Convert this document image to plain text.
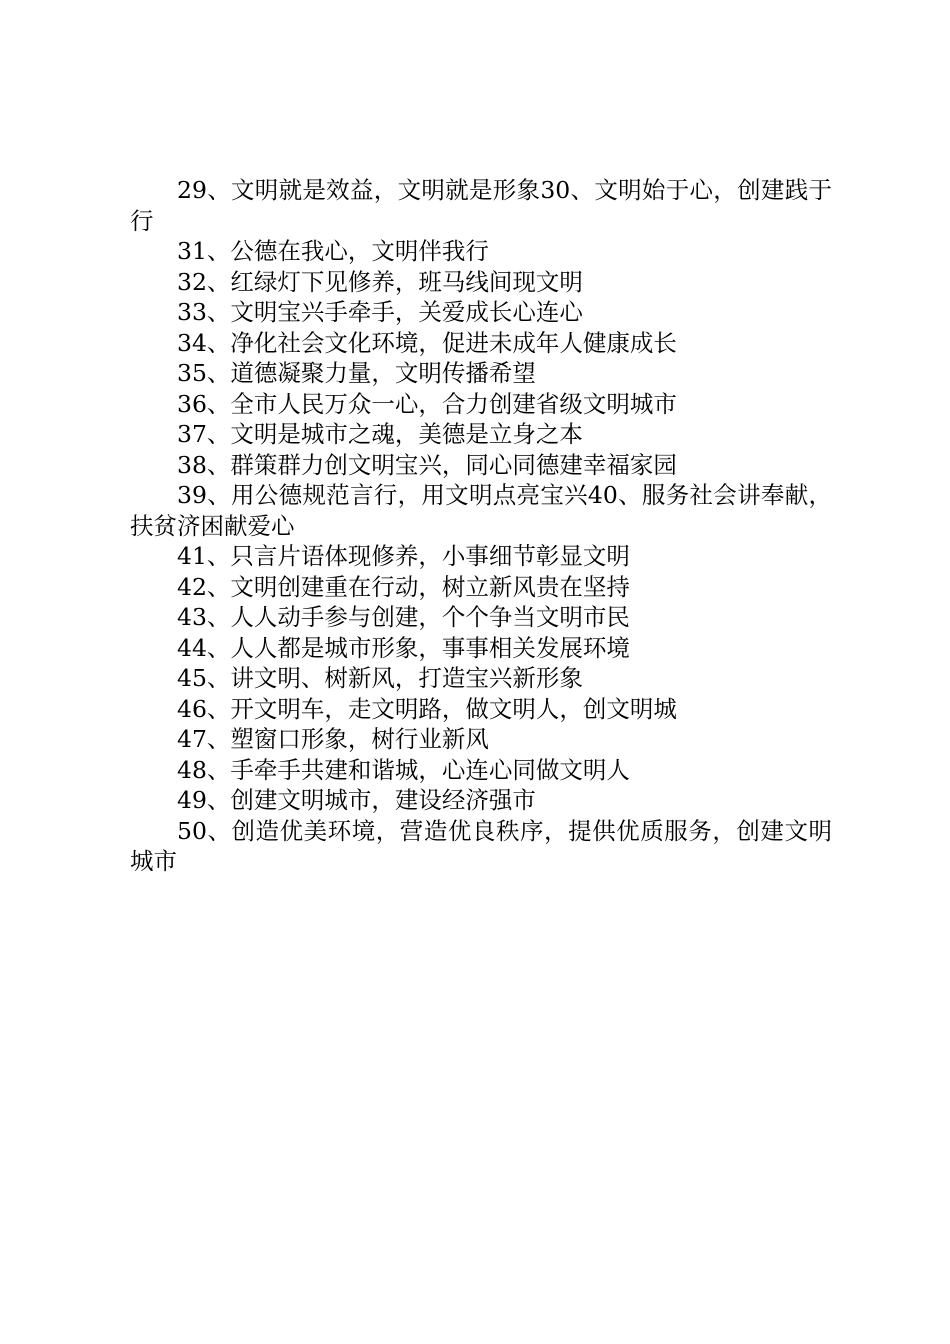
29、文明就是效益，文明就是形象30、文明始于心，创建践于行

31、公德在我心，文明伴我行

32、红绿灯下见修养，班马线间现文明

33、文明宝兴手牵手，关爱成长心连心

34、净化社会文化环境，促进未成年人健康成长

35、道德凝聚力量，文明传播希望

36、全市人民万众一心，合力创建省级文明城市

37、文明是城市之魂，美德是立身之本

38、群策群力创文明宝兴，同心同德建幸福家园

39、用公德规范言行，用文明点亮宝兴40、服务社会讲奉献，扶贫济困献爱心

41、只言片语体现修养，小事细节彰显文明

42、文明创建重在行动，树立新风贵在坚持

43、人人动手参与创建，个个争当文明市民

44、人人都是城市形象，事事相关发展环境

45、讲文明、树新风，打造宝兴新形象

46、开文明车，走文明路，做文明人，创文明城

47、塑窗口形象，树行业新风

48、手牵手共建和谐城，心连心同做文明人

49、创建文明城市，建设经济强市

50、创造优美环境，营造优良秩序，提供优质服务，创建文明城市
